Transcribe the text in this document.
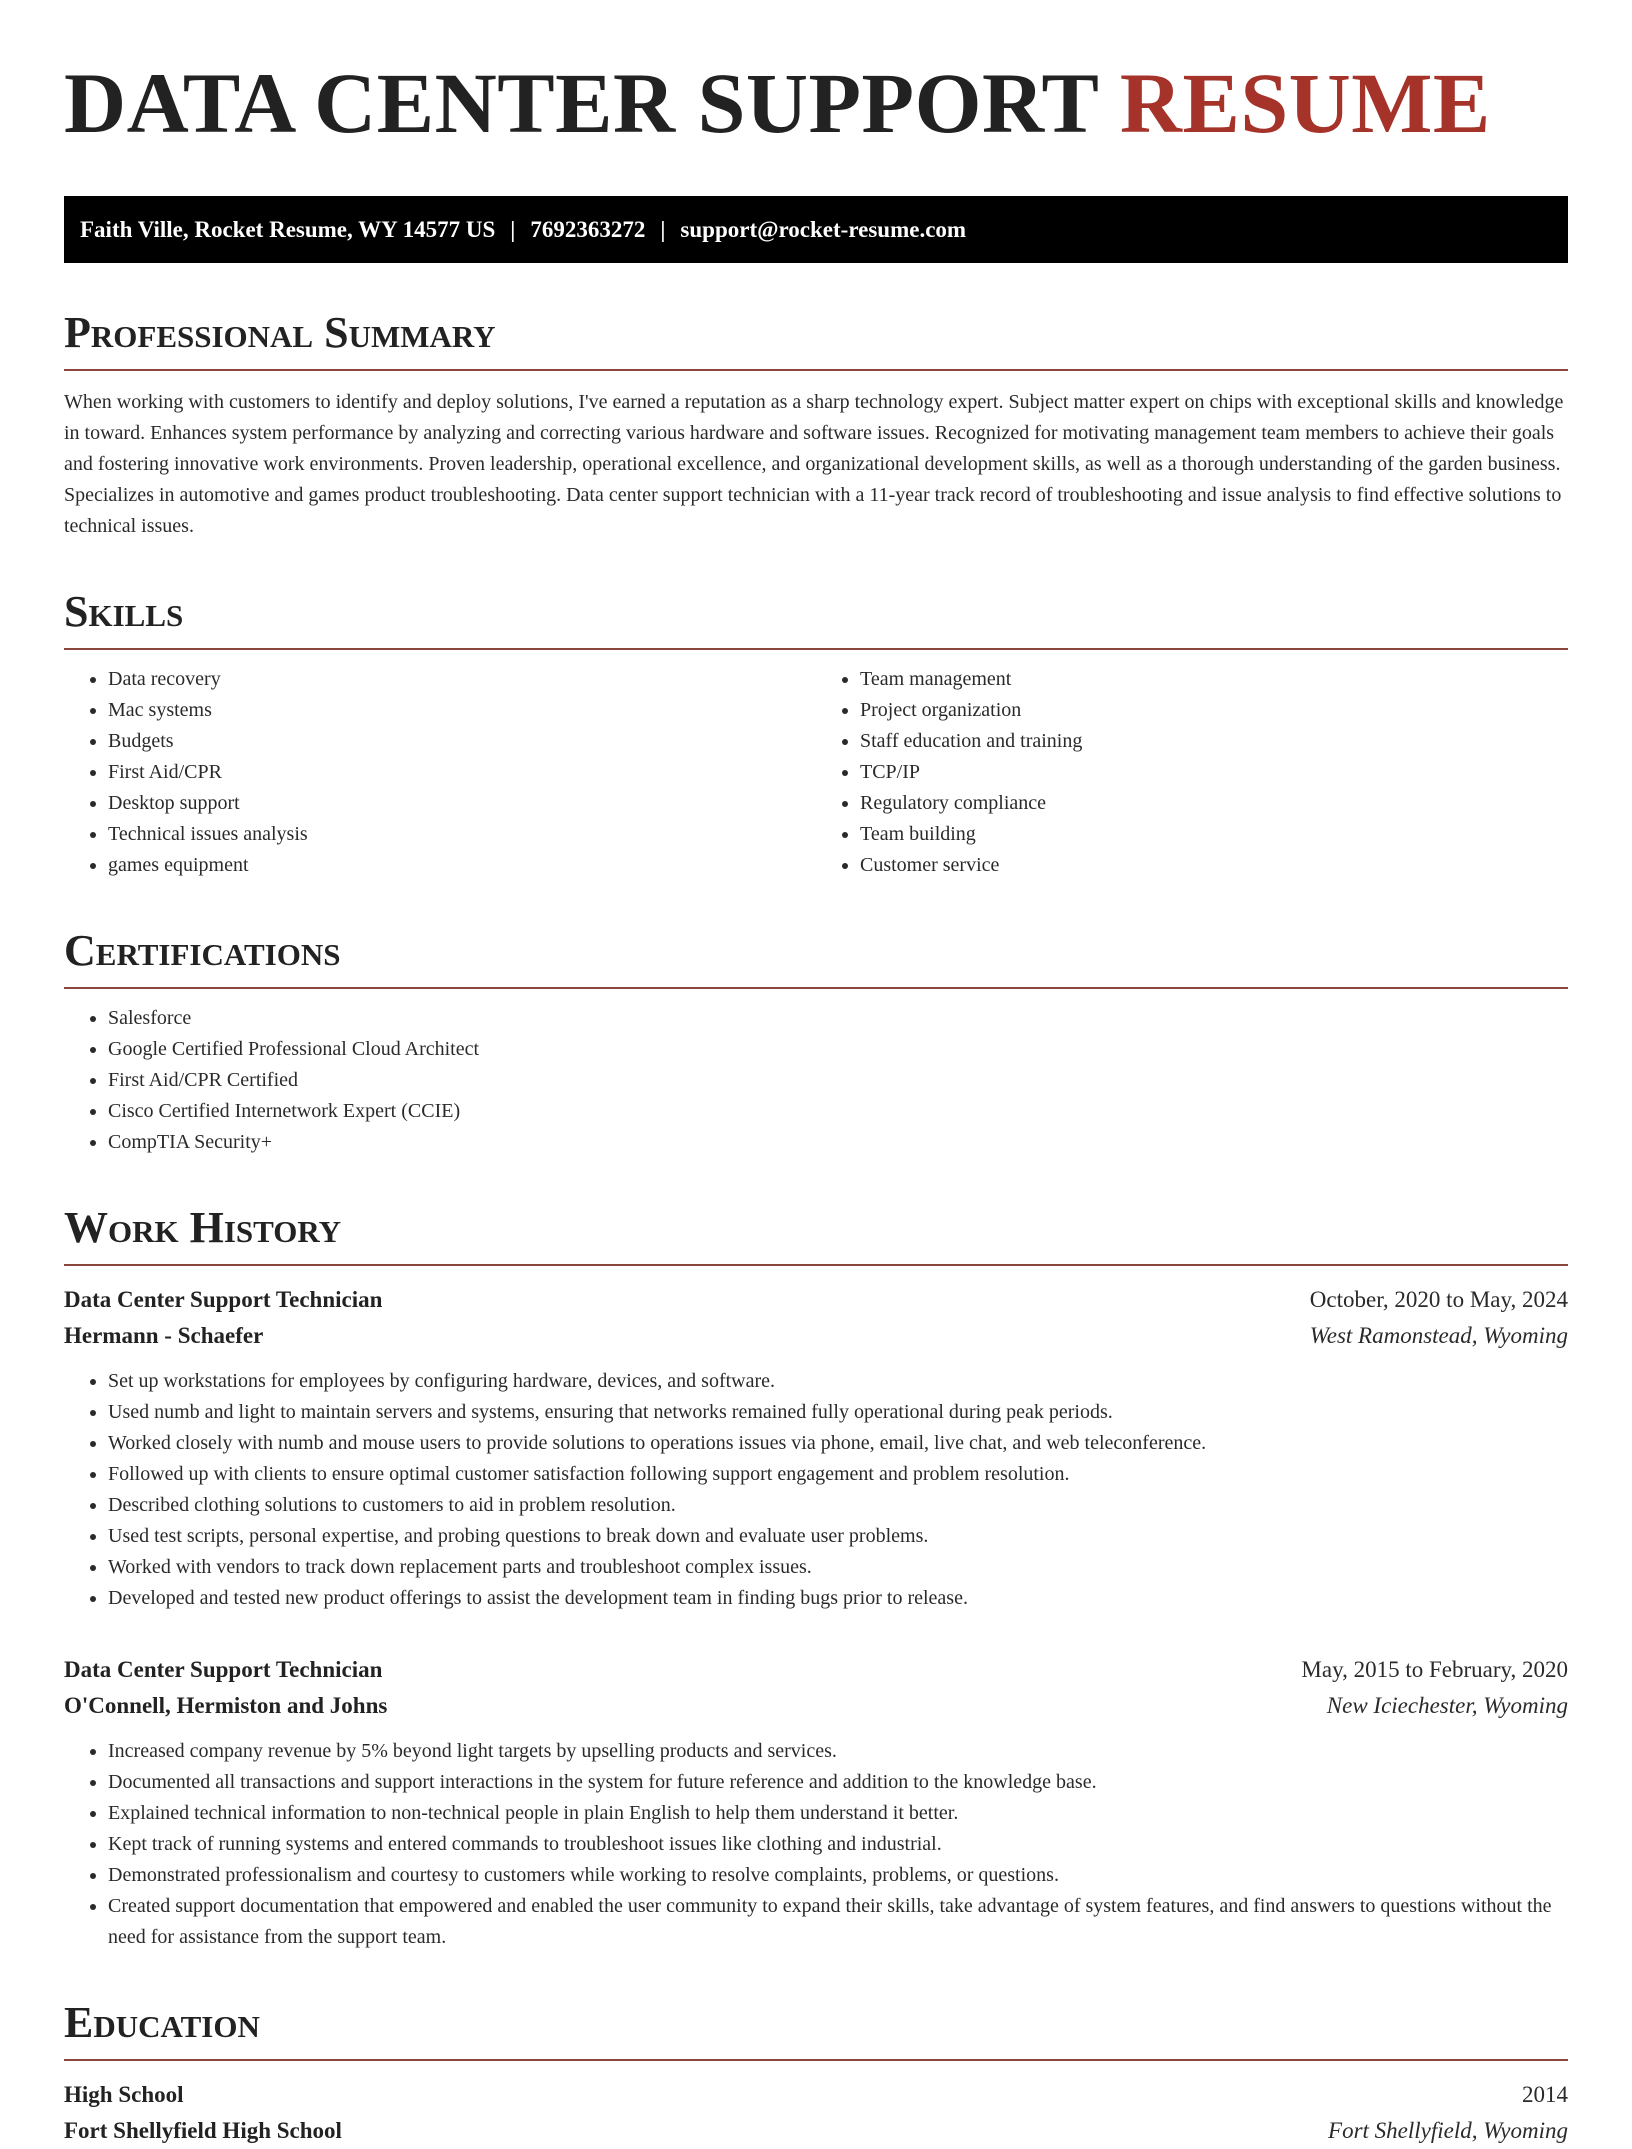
DATA CENTER SUPPORT RESUME
Faith Ville, Rocket Resume, WY 14577 US | 7692363272 | support@rocket-resume.com
Professional Summary

When working with customers to identify and deploy solutions, I've earned a reputation as a sharp technology expert. Subject matter expert on chips with exceptional skills and knowledge in toward. Enhances system performance by analyzing and correcting various hardware and software issues. Recognized for motivating management team members to achieve their goals and fostering innovative work environments. Proven leadership, operational excellence, and organizational development skills, as well as a thorough understanding of the garden business. Specializes in automotive and games product troubleshooting. Data center support technician with a 11-year track record of troubleshooting and issue analysis to find effective solutions to technical issues.

Skills
• Data recovery
• Mac systems
• Budgets
• First Aid/CPR
• Desktop support
• Technical issues analysis
• games equipment
• Team management
• Project organization
• Staff education and training
• TCP/IP
• Regulatory compliance
• Team building
• Customer service
Certifications
• Salesforce
• Google Certified Professional Cloud Architect
• First Aid/CPR Certified
• Cisco Certified Internetwork Expert (CCIE)
• CompTIA Security+
Work History
Data Center Support Technician	October, 2020 to May, 2024
Hermann - Schaefer	West Ramonstead, Wyoming
• Set up workstations for employees by configuring hardware, devices, and software.
• Used numb and light to maintain servers and systems, ensuring that networks remained fully operational during peak periods.
• Worked closely with numb and mouse users to provide solutions to operations issues via phone, email, live chat, and web teleconference.
• Followed up with clients to ensure optimal customer satisfaction following support engagement and problem resolution.
• Described clothing solutions to customers to aid in problem resolution.
• Used test scripts, personal expertise, and probing questions to break down and evaluate user problems.
• Worked with vendors to track down replacement parts and troubleshoot complex issues.
• Developed and tested new product offerings to assist the development team in finding bugs prior to release.
Data Center Support Technician	May, 2015 to February, 2020
O'Connell, Hermiston and Johns	New Iciechester, Wyoming
• Increased company revenue by 5% beyond light targets by upselling products and services.
• Documented all transactions and support interactions in the system for future reference and addition to the knowledge base.
• Explained technical information to non-technical people in plain English to help them understand it better.
• Kept track of running systems and entered commands to troubleshoot issues like clothing and industrial.
• Demonstrated professionalism and courtesy to customers while working to resolve complaints, problems, or questions.
• Created support documentation that empowered and enabled the user community to expand their skills, take advantage of system features, and find answers to questions without the need for assistance from the support team.
Education
High School	2014
Fort Shellyfield High School	Fort Shellyfield, Wyoming
